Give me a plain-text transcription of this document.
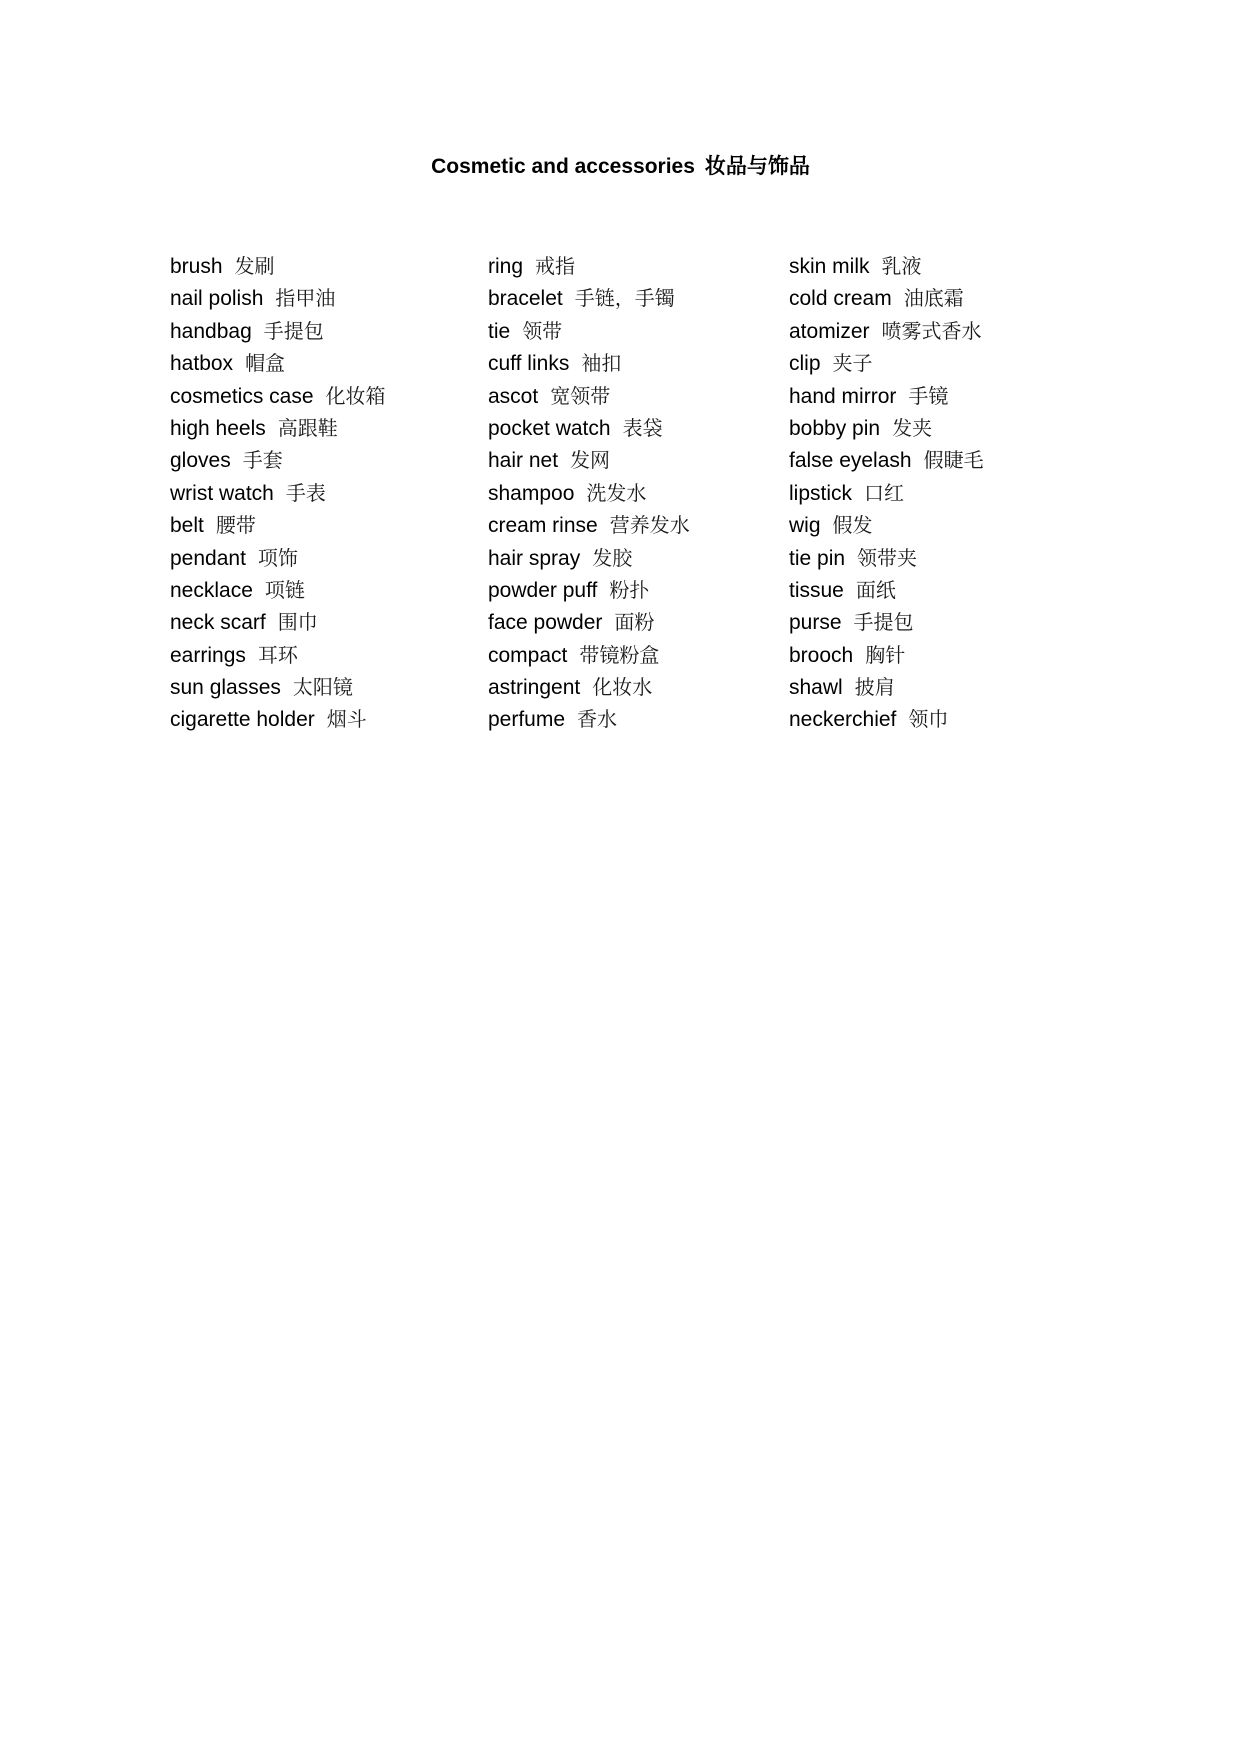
Cosmetic and accessories 妆品与饰品
brush 发刷
nail polish 指甲油
handbag 手提包
hatbox 帽盒
cosmetics case 化妆箱
high heels 高跟鞋
gloves 手套
wrist watch 手表
belt 腰带
pendant 项饰
necklace 项链
neck scarf 围巾
earrings 耳环
sun glasses 太阳镜
cigarette holder 烟斗
ring 戒指
bracelet 手链，手镯
tie 领带
cuff links 袖扣
ascot 宽领带
pocket watch 表袋
hair net 发网
shampoo 洗发水
cream rinse 营养发水
hair spray 发胶
powder puff 粉扑
face powder 面粉
compact 带镜粉盒
astringent 化妆水
perfume 香水
skin milk 乳液
cold cream 油底霜
atomizer 喷雾式香水
clip 夹子
hand mirror 手镜
bobby pin 发夹
false eyelash 假睫毛
lipstick 口红
wig 假发
tie pin 领带夹
tissue 面纸
purse 手提包
brooch 胸针
shawl 披肩
neckerchief 领巾
